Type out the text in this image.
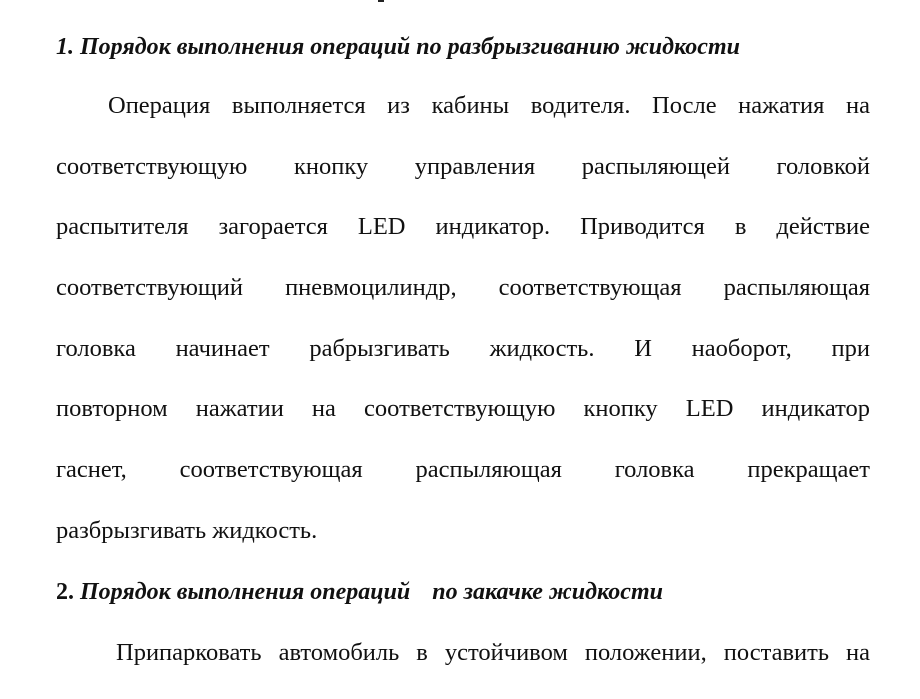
1. Порядок выполнения операций по разбрызгиванию жидкости

Операция выполняется из кабины водителя. После нажатия на
соответствующую кнопку управления распыляющей головкой
распытителя загорается LED индикатор. Приводится в действие
соответствующий пневмоцилиндр, соответствующая распыляющая
головка начинает рабрызгивать жидкость. И наоборот, при
повторном нажатии на соответствующую кнопку LED индикатор
гаснет, соответствующая распыляющая головка прекращает
разбрызгивать жидкость.

2. Порядок выполнения операций по закачке жидкости

Припарковать автомобиль в устойчивом положении, поставить на
